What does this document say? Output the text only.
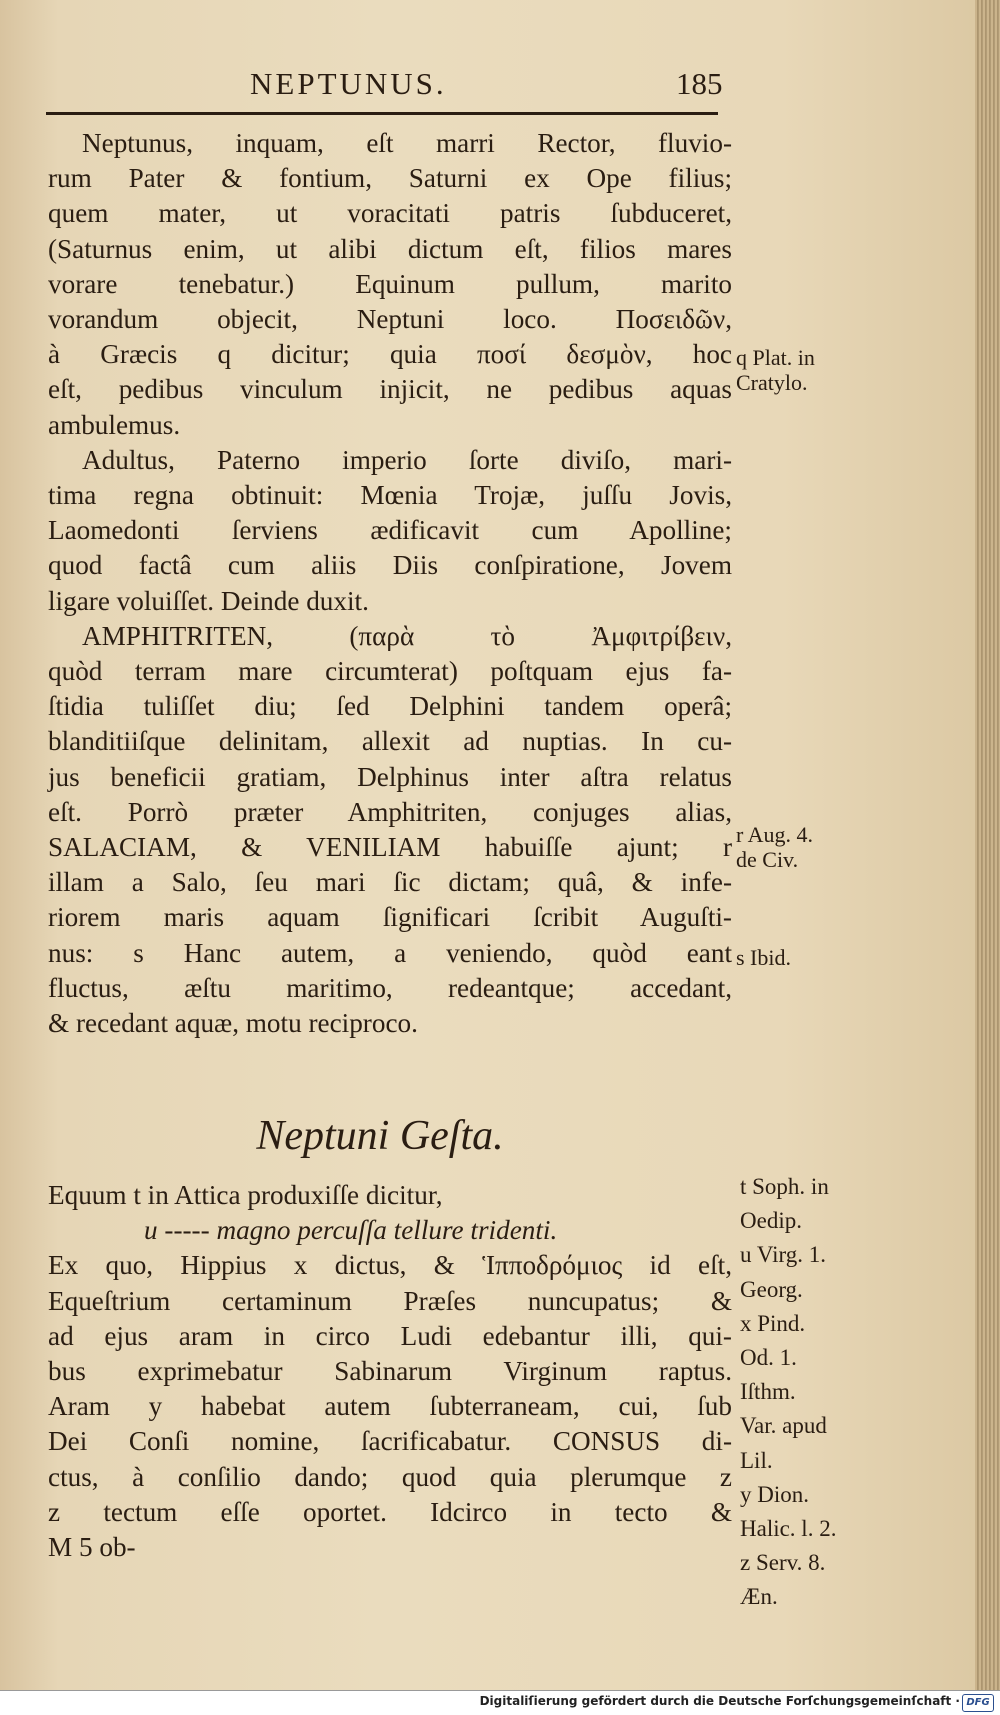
NEPTUNUS.	185
Neptunus, inquam, eſt marri Rector, fluvio-
rum Pater & fontium, Saturni ex Ope filius;
quem mater, ut voracitati patris ſubduceret,
(Saturnus enim, ut alibi dictum eſt, filios mares
vorare tenebatur.) Equinum pullum, marito
vorandum objecit, Neptuni loco. Ποσειδῶν,
à Græcis q dicitur; quia ποσί δεσμὸν, hoc
eſt, pedibus vinculum injicit, ne pedibus aquas
ambulemus.
Adultus, Paterno imperio ſorte diviſo, mari-
tima regna obtinuit: Mœnia Trojæ, juſſu Jovis,
Laomedonti ſerviens ædificavit cum Apolline;
quod factâ cum aliis Diis conſpiratione, Jovem
ligare voluiſſet. Deinde duxit.
AMPHITRITEN, (παρὰ τὸ Ἀμφιτρίβειν,
quòd terram mare circumterat) poſtquam ejus fa-
ſtidia tuliſſet diu; ſed Delphini tandem operâ;
blanditiiſque delinitam, allexit ad nuptias. In cu-
jus beneficii gratiam, Delphinus inter aſtra relatus
eſt. Porrò præter Amphitriten, conjuges alias,
SALACIAM, & VENILIAM habuiſſe ajunt; r
illam a Salo, ſeu mari ſic dictam; quâ, & infe-
riorem maris aquam ſignificari ſcribit Auguſti-
nus: s Hanc autem, a veniendo, quòd eant
fluctus, æſtu maritimo, redeantque; accedant,
& recedant aquæ, motu reciproco.
Neptuni Geſta.
Equum t in Attica produxiſſe dicitur,
u ----- magno percuſſa tellure tridenti.
Ex quo, Hippius x dictus, & Ἱπποδρόμιος id eſt,
Equeſtrium certaminum Præſes nuncupatus; &
ad ejus aram in circo Ludi edebantur illi, qui-
bus exprimebatur Sabinarum Virginum raptus.
Aram y habebat autem ſubterraneam, cui, ſub
Dei Conſi nomine, ſacrificabatur. CONSUS di-
ctus, à conſilio dando; quod quia plerumque z
z tectum eſſe oportet. Idcirco in tecto &
M 5 ob-
q Plat. in
Cratylo.
r Aug. 4.
de Civ.
s Ibid.
t Soph. in
Oedip.
u Virg. 1.
Georg.
x Pind.
Od. 1.
Iſthm.
Var. apud
Lil.
y Dion.
Halic. l. 2.
z Serv. 8.
Æn.
Digitaliſierung gefördert durch die Deutsche Forſchungsgemeinſchaft · DFG
